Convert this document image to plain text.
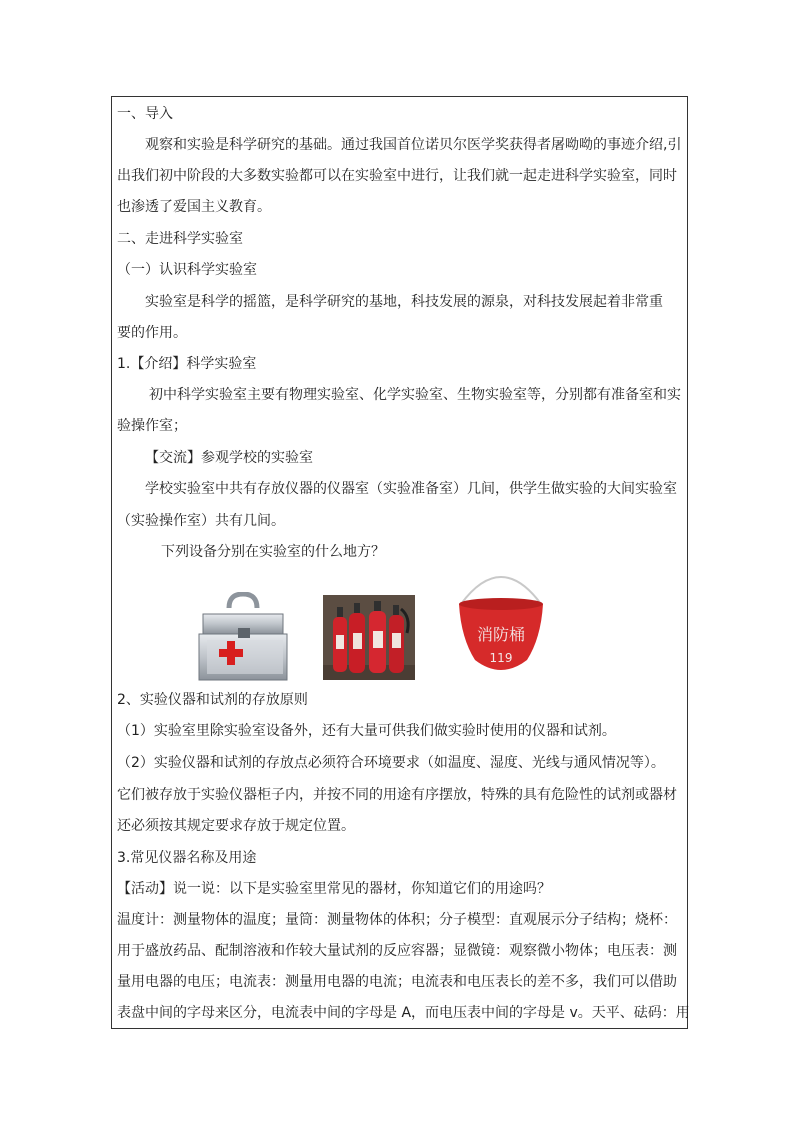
一、导入
观察和实验是科学研究的基础。通过我国首位诺贝尔医学奖获得者屠呦呦的事迹介绍,引
出我们初中阶段的大多数实验都可以在实验室中进行，让我们就一起走进科学实验室，同时
也渗透了爱国主义教育。
二、走进科学实验室
（一）认识科学实验室
实验室是科学的摇篮，是科学研究的基地，科技发展的源泉，对科技发展起着非常重
要的作用。
1.【介绍】科学实验室
初中科学实验室主要有物理实验室、化学实验室、生物实验室等，分别都有准备室和实
验操作室；
【交流】参观学校的实验室
学校实验室中共有存放仪器的仪器室（实验准备室）几间，供学生做实验的大间实验室
（实验操作室）共有几间。
下列设备分别在实验室的什么地方？
2、实验仪器和试剂的存放原则
（1）实验室里除实验室设备外，还有大量可供我们做实验时使用的仪器和试剂。
（2）实验仪器和试剂的存放点必须符合环境要求（如温度、湿度、光线与通风情况等）。
它们被存放于实验仪器柜子内，并按不同的用途有序摆放，特殊的具有危险性的试剂或器材
还必须按其规定要求存放于规定位置。
3.常见仪器名称及用途
【活动】说一说：以下是实验室里常见的器材，你知道它们的用途吗？
温度计：测量物体的温度；量筒：测量物体的体积；分子模型：直观展示分子结构；烧杯：
用于盛放药品、配制溶液和作较大量试剂的反应容器；显微镜：观察微小物体；电压表：测
量用电器的电压；电流表：测量用电器的电流；电流表和电压表长的差不多，我们可以借助
表盘中间的字母来区分，电流表中间的字母是 A，而电压表中间的字母是 v。天平、砝码：用
消防桶
119
